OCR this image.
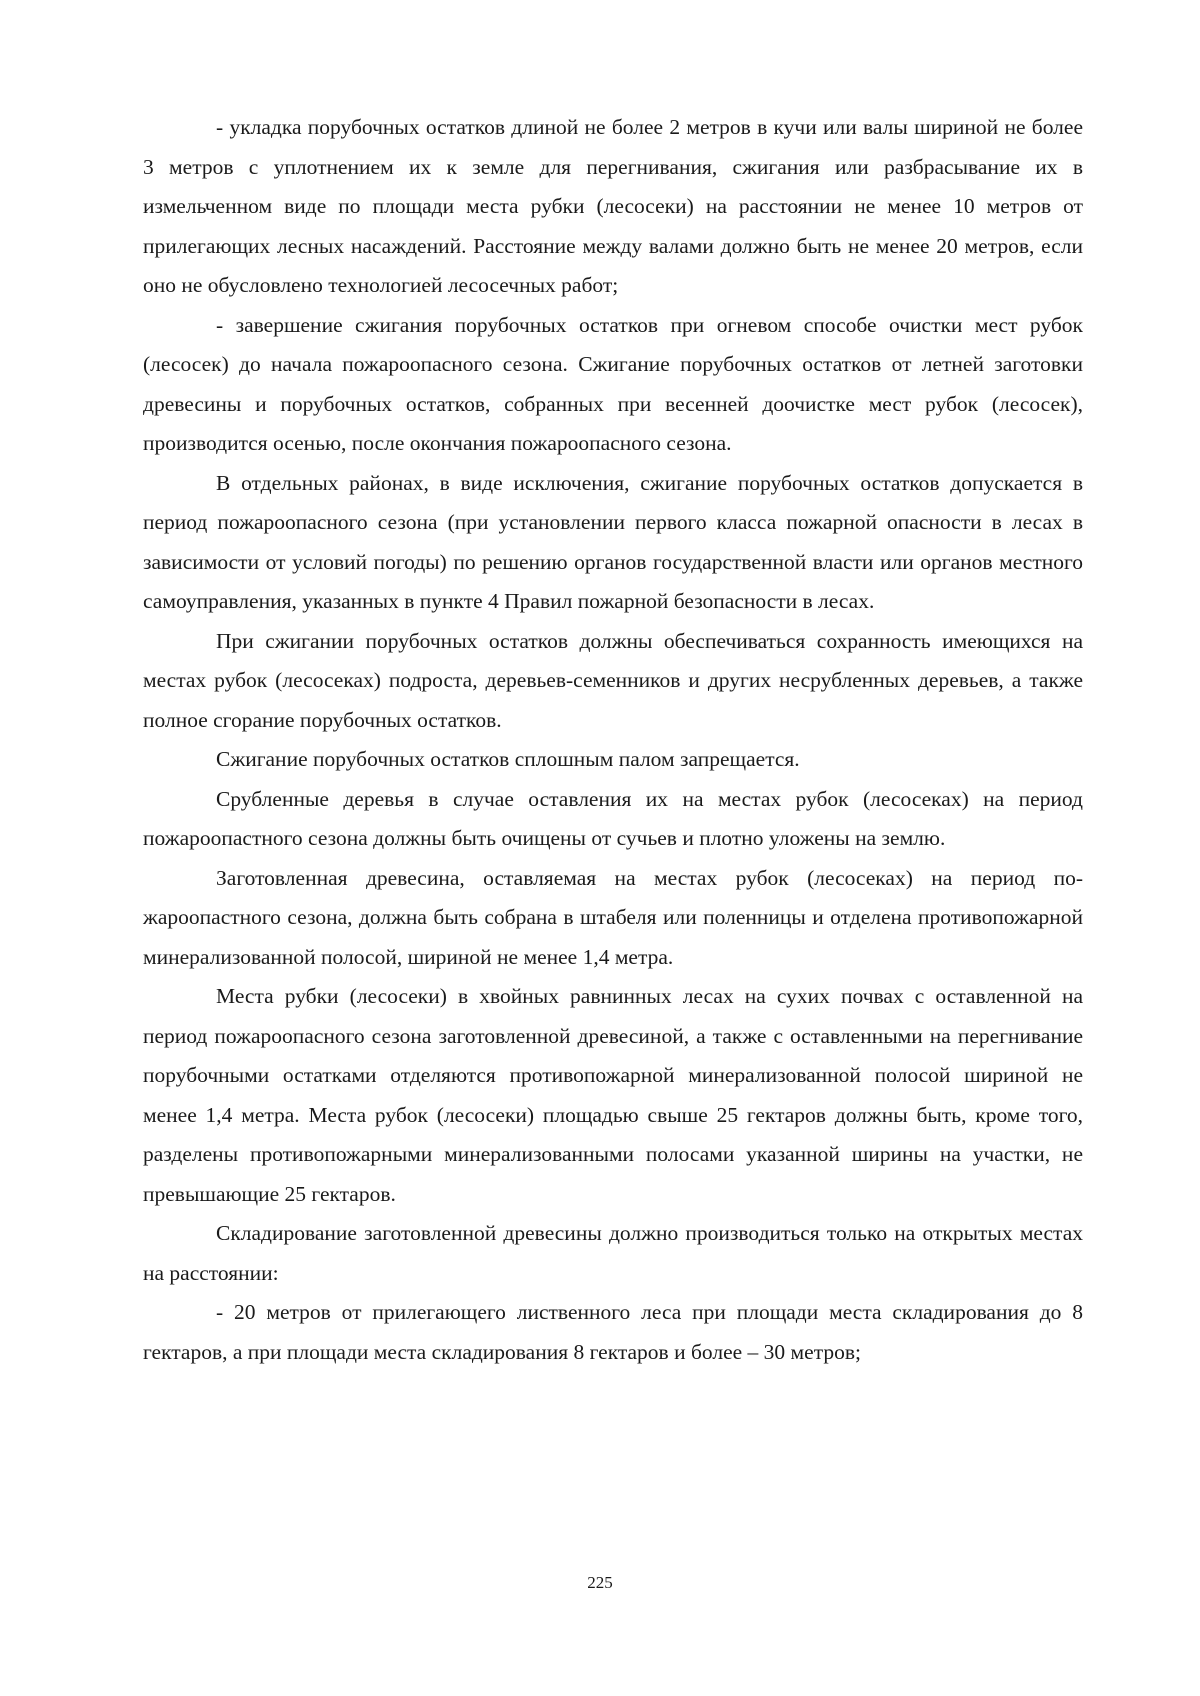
- укладка порубочных остатков длиной не более 2 метров в кучи или валы шириной не более 3 метров с уплотнением их к земле для перегнивания, сжигания или разбрасывание их в измельченном виде по площади места рубки (лесосеки) на расстоянии не менее 10 метров от прилегающих лесных насаждений. Расстояние между валами должно быть не менее 20 метров, если оно не обусловлено технологией лесосечных работ;

- завершение сжигания порубочных остатков при огневом способе очистки мест рубок (лесосек) до начала пожароопасного сезона. Сжигание порубочных остатков от летней заготовки древесины и порубочных остатков, собранных при весенней доочистке мест рубок (лесосек), производится осенью, после окончания пожароопасного сезона.

В отдельных районах, в виде исключения, сжигание порубочных остатков допускается в период пожароопасного сезона (при установлении первого класса пожарной опасности в лесах в зависимости от условий погоды) по решению органов государственной власти или органов местного самоуправления, указанных в пункте 4 Правил пожарной безопасности в лесах.

При сжигании порубочных остатков должны обеспечиваться сохранность имеющихся на местах рубок (лесосеках) подроста, деревьев-семенников и других несрубленных деревьев, а также полное сгорание порубочных остатков.

Сжигание порубочных остатков сплошным палом запрещается.

Срубленные деревья в случае оставления их на местах рубок (лесосеках) на период пожароопастного сезона должны быть очищены от сучьев и плотно уложены на землю.

Заготовленная древесина, оставляемая на местах рубок (лесосеках) на период пожароопастного сезона, должна быть собрана в штабеля или поленницы и отделена противопожарной минерализованной полосой, шириной не менее 1,4 метра.

Места рубки (лесосеки) в хвойных равнинных лесах на сухих почвах с оставленной на период пожароопасного сезона заготовленной древесиной, а также с оставленными на перегнивание порубочными остатками отделяются противопожарной минерализованной полосой шириной не менее 1,4 метра. Места рубок (лесосеки) площадью свыше 25 гектаров должны быть, кроме того, разделены противопожарными минерализованными полосами указанной ширины на участки, не превышающие 25 гектаров.

Складирование заготовленной древесины должно производиться только на открытых местах на расстоянии:

- 20 метров от прилегающего лиственного леса при площади места складирования до 8 гектаров, а при площади места складирования 8 гектаров и более – 30 метров;

225
